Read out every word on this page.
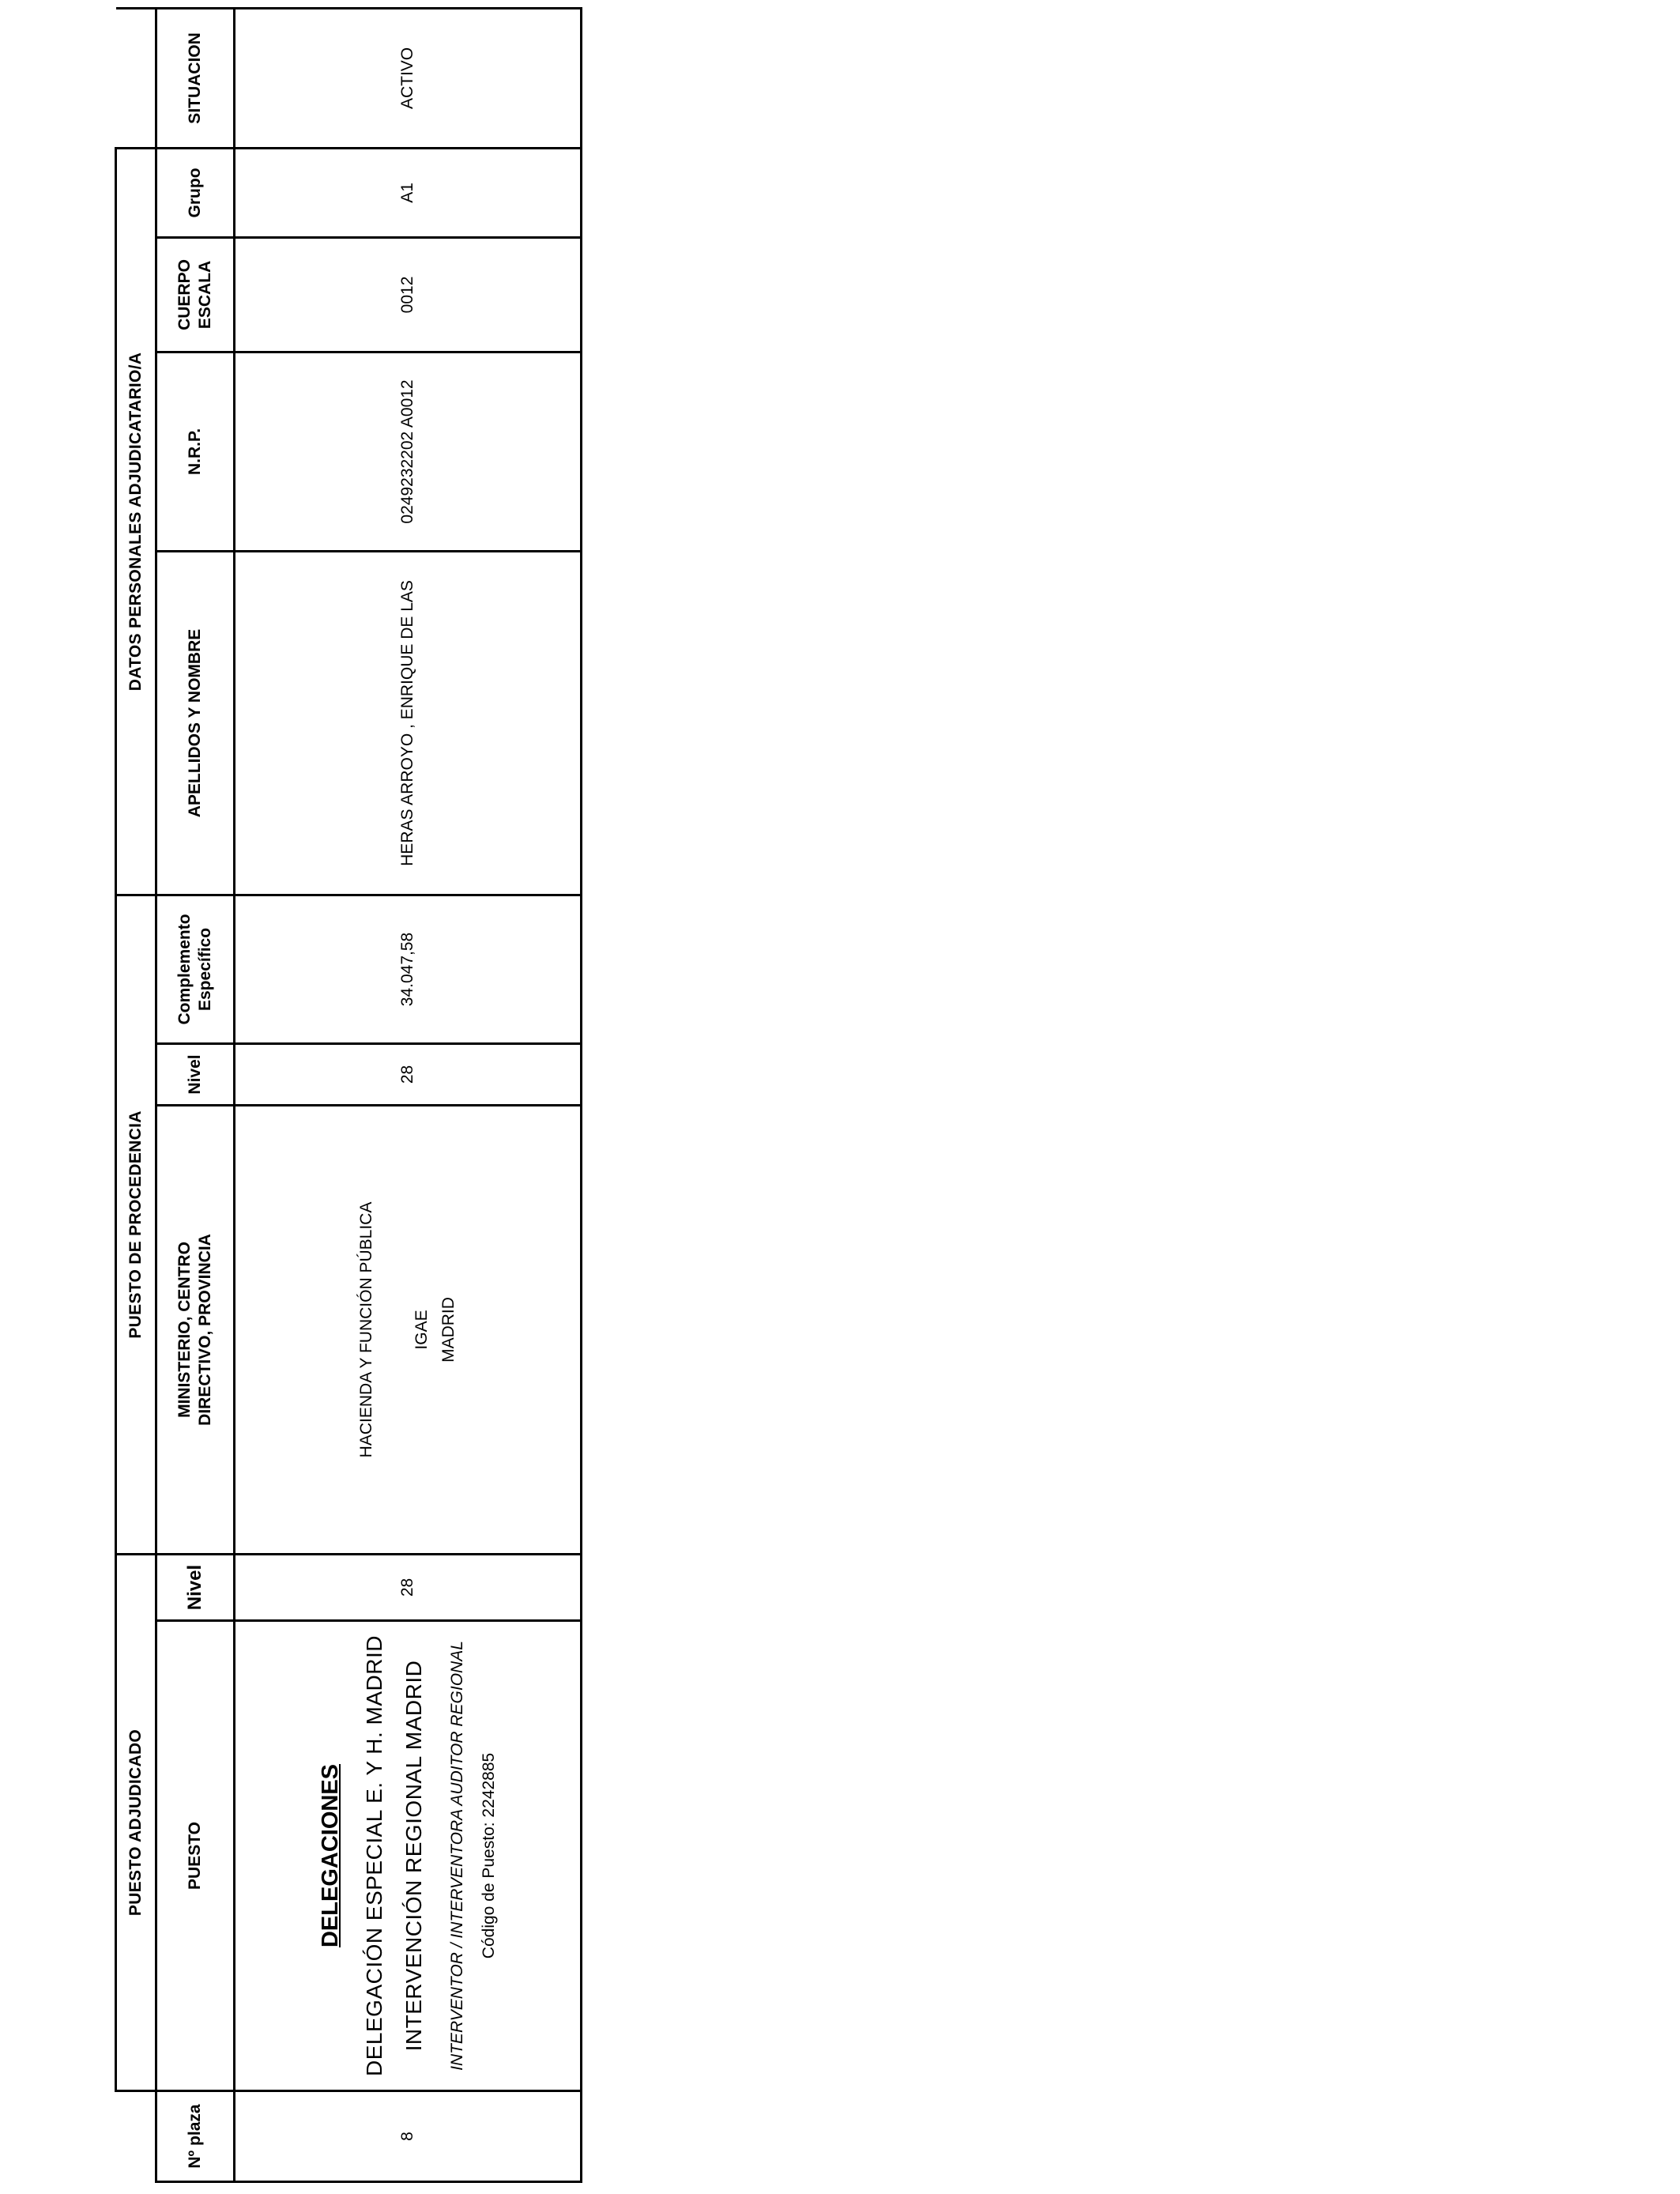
	PUESTO ADJUDICADO		PUESTO DE PROCEDENCIA			DATOS PERSONALES ADJUDICATARIO/A				
Nº plaza	PUESTO	Nivel	MINISTERIO, CENTRO DIRECTIVO, PROVINCIA	Nivel	Complemento Específico	APELLIDOS Y NOMBRE	N.R.P.	CUERPO ESCALA	Grupo	SITUACION
8	DELEGACIONES DELEGACIÓN ESPECIAL E. Y H. MADRID INTERVENCIÓN REGIONAL MADRID INTERVENTOR / INTERVENTORA AUDITOR REGIONAL Código de Puesto: 2242885	28	HACIENDA Y FUNCIÓN PÚBLICA IGAE MADRID	28	34.047,58	HERAS ARROYO , ENRIQUE DE LAS	0249232202 A0012	0012	A1	ACTIVO
